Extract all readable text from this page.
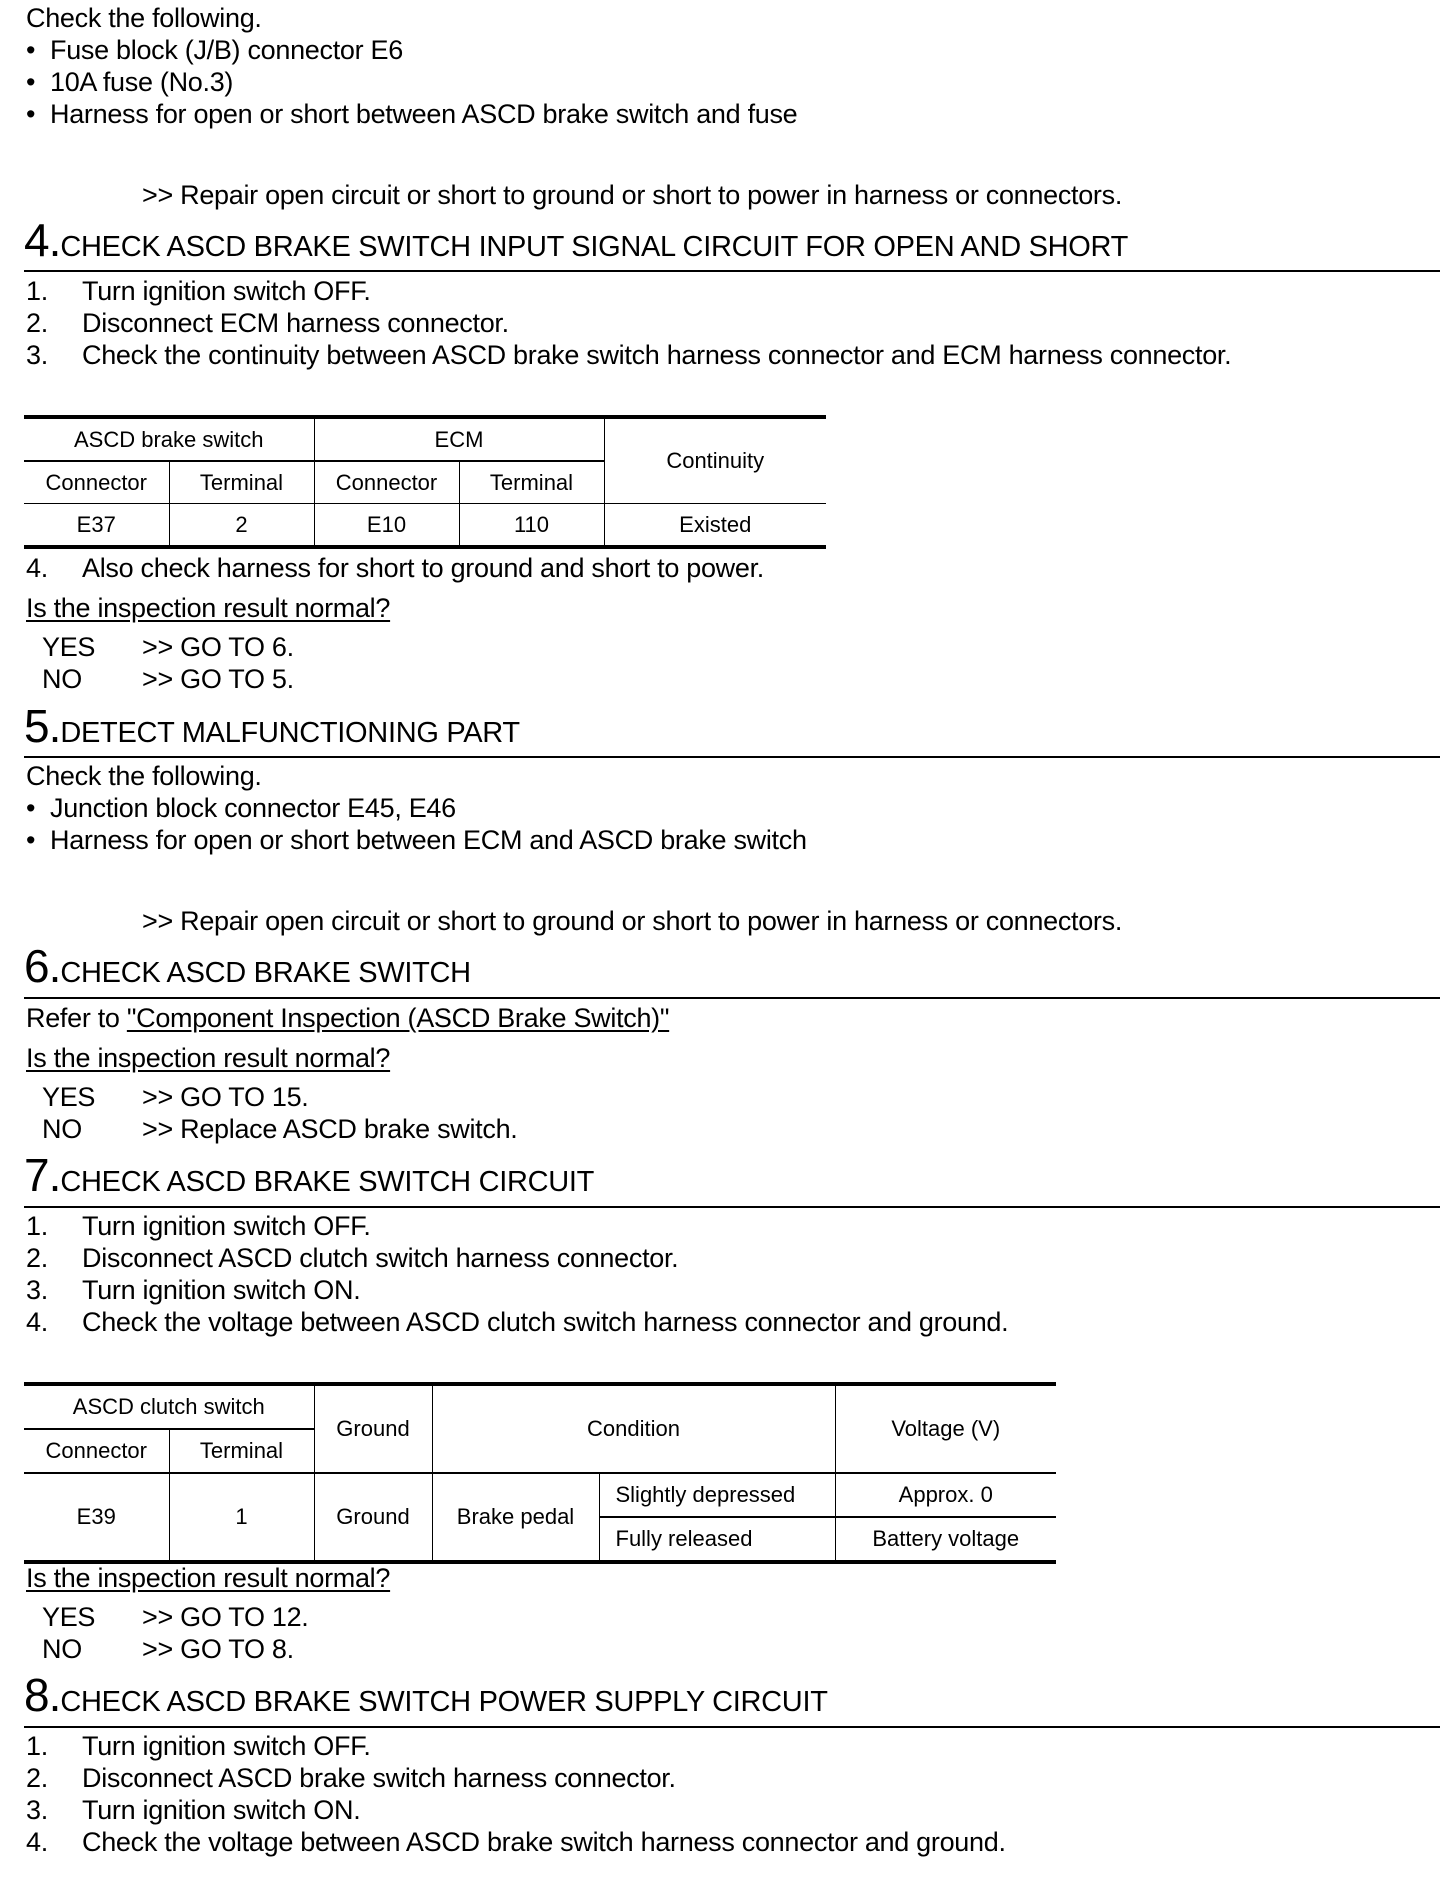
Check the following.
• Fuse block (J/B) connector E6
• 10A fuse (No.3)
• Harness for open or short between ASCD brake switch and fuse
>> Repair open circuit or short to ground or short to power in harness or connectors.
4.CHECK ASCD BRAKE SWITCH INPUT SIGNAL CIRCUIT FOR OPEN AND SHORT
1. Turn ignition switch OFF.
2. Disconnect ECM harness connector.
3. Check the continuity between ASCD brake switch harness connector and ECM harness connector.
ASCD brake switch		ECM		Continuity
Connector	Terminal	Connector	Terminal	
E37	2	E10	110	Existed
4. Also check harness for short to ground and short to power.
Is the inspection result normal?
YES >> GO TO 6.
NO >> GO TO 5.
5.DETECT MALFUNCTIONING PART
Check the following.
• Junction block connector E45, E46
• Harness for open or short between ECM and ASCD brake switch
>> Repair open circuit or short to ground or short to power in harness or connectors.
6.CHECK ASCD BRAKE SWITCH
Refer to "Component Inspection (ASCD Brake Switch)"
Is the inspection result normal?
YES >> GO TO 15.
NO >> Replace ASCD brake switch.
7.CHECK ASCD BRAKE SWITCH CIRCUIT
1. Turn ignition switch OFF.
2. Disconnect ASCD clutch switch harness connector.
3. Turn ignition switch ON.
4. Check the voltage between ASCD clutch switch harness connector and ground.
ASCD clutch switch		Ground	Condition		Voltage (V)
Connector	Terminal				
E39	1	Ground	Brake pedal	Slightly depressed	Approx. 0
				Fully released	Battery voltage
Is the inspection result normal?
YES >> GO TO 12.
NO >> GO TO 8.
8.CHECK ASCD BRAKE SWITCH POWER SUPPLY CIRCUIT
1. Turn ignition switch OFF.
2. Disconnect ASCD brake switch harness connector.
3. Turn ignition switch ON.
4. Check the voltage between ASCD brake switch harness connector and ground.
